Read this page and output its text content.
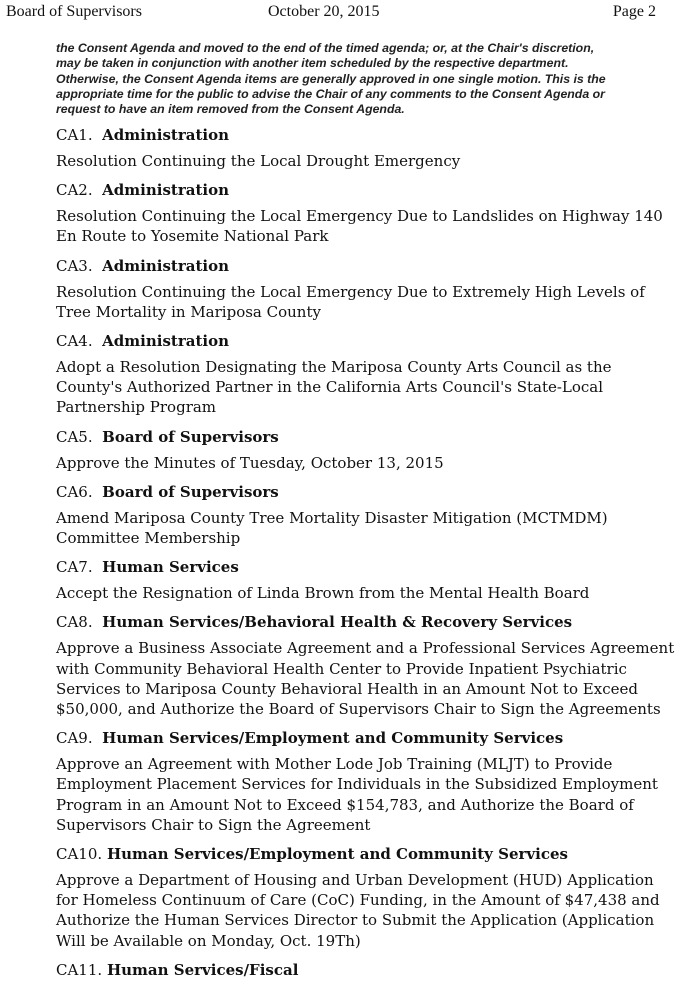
Board of Supervisors	October 20, 2015	Page 2
the Consent Agenda and moved to the end of the timed agenda; or, at the Chair's discretion,
may be taken in conjunction with another item scheduled by the respective department.
Otherwise, the Consent Agenda items are generally approved in one single motion. This is the
appropriate time for the public to advise the Chair of any comments to the Consent Agenda or
request to have an item removed from the Consent Agenda.
CA1. Administration
Resolution Continuing the Local Drought Emergency
CA2. Administration
Resolution Continuing the Local Emergency Due to Landslides on Highway 140
En Route to Yosemite National Park
CA3. Administration
Resolution Continuing the Local Emergency Due to Extremely High Levels of
Tree Mortality in Mariposa County
CA4. Administration
Adopt a Resolution Designating the Mariposa County Arts Council as the
County's Authorized Partner in the California Arts Council's State-Local
Partnership Program
CA5. Board of Supervisors
Approve the Minutes of Tuesday, October 13, 2015
CA6. Board of Supervisors
Amend Mariposa County Tree Mortality Disaster Mitigation (MCTMDM)
Committee Membership
CA7. Human Services
Accept the Resignation of Linda Brown from the Mental Health Board
CA8. Human Services/Behavioral Health & Recovery Services
Approve a Business Associate Agreement and a Professional Services Agreement
with Community Behavioral Health Center to Provide Inpatient Psychiatric
Services to Mariposa County Behavioral Health in an Amount Not to Exceed
$50,000, and Authorize the Board of Supervisors Chair to Sign the Agreements
CA9. Human Services/Employment and Community Services
Approve an Agreement with Mother Lode Job Training (MLJT) to Provide
Employment Placement Services for Individuals in the Subsidized Employment
Program in an Amount Not to Exceed $154,783, and Authorize the Board of
Supervisors Chair to Sign the Agreement
CA10. Human Services/Employment and Community Services
Approve a Department of Housing and Urban Development (HUD) Application
for Homeless Continuum of Care (CoC) Funding, in the Amount of $47,438 and
Authorize the Human Services Director to Submit the Application (Application
Will be Available on Monday, Oct. 19Th)
CA11. Human Services/Fiscal
